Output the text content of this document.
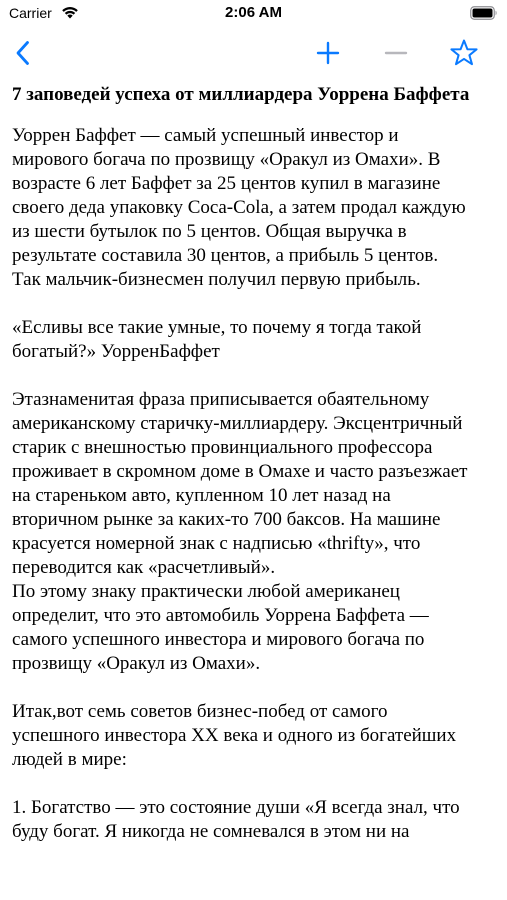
Carrier	2:06 AM
7 заповедей успеха от миллиардера Уоррена Баффета
Уоррен Баффет — самый успешный инвестор и
мирового богача по прозвищу «Оракул из Омахи». В
возрасте 6 лет Баффет за 25 центов купил в магазине
своего деда упаковку Coca-Cola, а затем продал каждую
из шести бутылок по 5 центов. Общая выручка в
результате составила 30 центов, а прибыль 5 центов.
Так мальчик-бизнесмен получил первую прибыль.

«Есливы все такие умные, то почему я тогда такой
богатый?» УорренБаффет

Этазнаменитая фраза приписывается обаятельному
американскому старичку-миллиардеру. Эксцентричный
старик с внешностью провинциального профессора
проживает в скромном доме в Омахе и часто разъезжает
на стареньком авто, купленном 10 лет назад на
вторичном рынке за каких-то 700 баксов. На машине
красуется номерной знак с надписью «thrifty», что
переводится как «расчетливый».
По этому знаку практически любой американец
определит, что это автомобиль Уоррена Баффета —
самого успешного инвестора и мирового богача по
прозвищу «Оракул из Омахи».

Итак,вот семь советов бизнес-побед от самого
успешного инвестора XX века и одного из богатейших
людей в мире:

1. Богатство — это состояние души «Я всегда знал, что
буду богат. Я никогда не сомневался в этом ни на
